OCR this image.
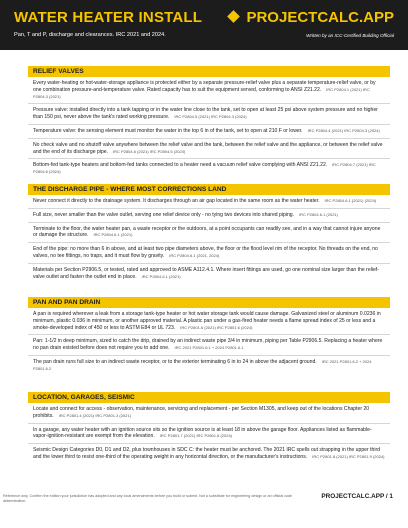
WATER HEATER INSTALL
Pan, T and P, discharge and clearances. IRC 2021 and 2024.
PROJECTCALC.APP
Written by an ICC-Certified Building Official
RELIEF VALVES
Every water-heating or hot-water-storage appliance is protected either by a separate pressure-relief valve plus a separate temperature-relief valve, or by one combination pressure-and-temperature valve. Rated capacity has to suit the equipment served, conforming to ANSI Z21.22. IRC P2804.1 (2021) IRC P2804.3 (2021)
Pressure valve: installed directly into a tank tapping or in the water line close to the tank, set to open at least 25 psi above system pressure and no higher than 150 psi, never above the tank's rated working pressure. IRC P2804.5 (2021) IRC P2804.3 (2024)
Temperature valve: the sensing element must monitor the water in the top 6 in of the tank, set to open at 210 F or lower. IRC P2804.4 (2021) IRC P2804.3 (2024)
No check valve and no shutoff valve anywhere between the relief valve and the tank, between the relief valve and the appliance, or between the relief valve and the end of its discharge pipe. IRC P2804.6 (2021) IRC P2804.5 (2024)
Bottom-fed tank-type heaters and bottom-fed tanks connected to a heater need a vacuum relief valve complying with ANSI Z21.22. IRC P2804.7 (2021) IRC P2804.6 (2024)
THE DISCHARGE PIPE - WHERE MOST CORRECTIONS LAND
Never connect it directly to the drainage system. It discharges through an air gap located in the same room as the water heater. IRC P2804.6.1 (2021) (2024)
Full size, never smaller than the valve outlet, serving one relief device only - no tying two devices into shared piping. IRC P2804.6.1 (2021)
Terminate to the floor, the water heater pan, a waste receptor or the outdoors, at a point occupants can readily see, and in a way that cannot injure anyone or damage the structure. IRC P2804.6.1 (2021)
End of the pipe: no more than 6 in above, and at least two pipe diameters above, the floor or the flood level rim of the receptor. No threads on the end, no valves, no tee fittings, no traps, and it must flow by gravity. IRC P2804.6.1 (2021, 2024)
Materials per Section P2906.5, or tested, rated and approved to ASME A112.4.1. Where insert fittings are used, go one nominal size larger than the relief-valve outlet and fasten the outlet end in place. IRC P2804.6.1 (2021)
PAN AND PAN DRAIN
A pan is required wherever a leak from a storage tank-type heater or hot water storage tank would cause damage. Galvanized steel or aluminum 0.0236 in minimum, plastic 0.036 in minimum, or another approved material. A plastic pan under a gas-fired heater needs a flame spread index of 25 or less and a smoke-developed index of 450 or less to ASTM E84 or UL 723. IRC P2801.6 (2021) IRC P2801.6 (2024)
Pan: 1-1/2 in deep minimum, sized to catch the drip, drained by an indirect waste pipe 3/4 in minimum, piping per Table P2906.5. Replacing a heater where no pan drain existed before does not require you to add one. IRC 2021 P2801.6.1 + 2024 P2801.6.1
The pan drain runs full size to an indirect waste receptor, or to the exterior terminating 6 in to 24 in above the adjacent ground. IRC 2021 P2801.6.2 + 2024 P2801.6.2
LOCATION, GARAGES, SEISMIC
Locate and connect for access - observation, maintenance, servicing and replacement - per Section M1305, and keep out of the locations Chapter 20 prohibits. IRC P2801.4 (2021) IRC P2801.3 (2021)
In a garage, any water heater with an ignition source sits so the ignition source is at least 18 in above the garage floor. Appliances listed as flammable-vapor-ignition-resistant are exempt from the elevation. IRC P2801.7 (2021) IRC P2801.8 (2024)
Seismic Design Categories D0, D1 and D2, plus townhouses in SDC C: the heater must be anchored. The 2021 IRC spells out strapping in the upper third and the lower third to resist one-third of the operating weight in any horizontal direction, or the manufacturer's instructions. IRC P2801.8 (2021) IRC P2801.9 (2024)
Reference only. Confirm the edition your jurisdiction has adopted and any local amendments before you build or submit. Not a substitute for engineering design or an official code determination.
PROJECTCALC.APP / 1
